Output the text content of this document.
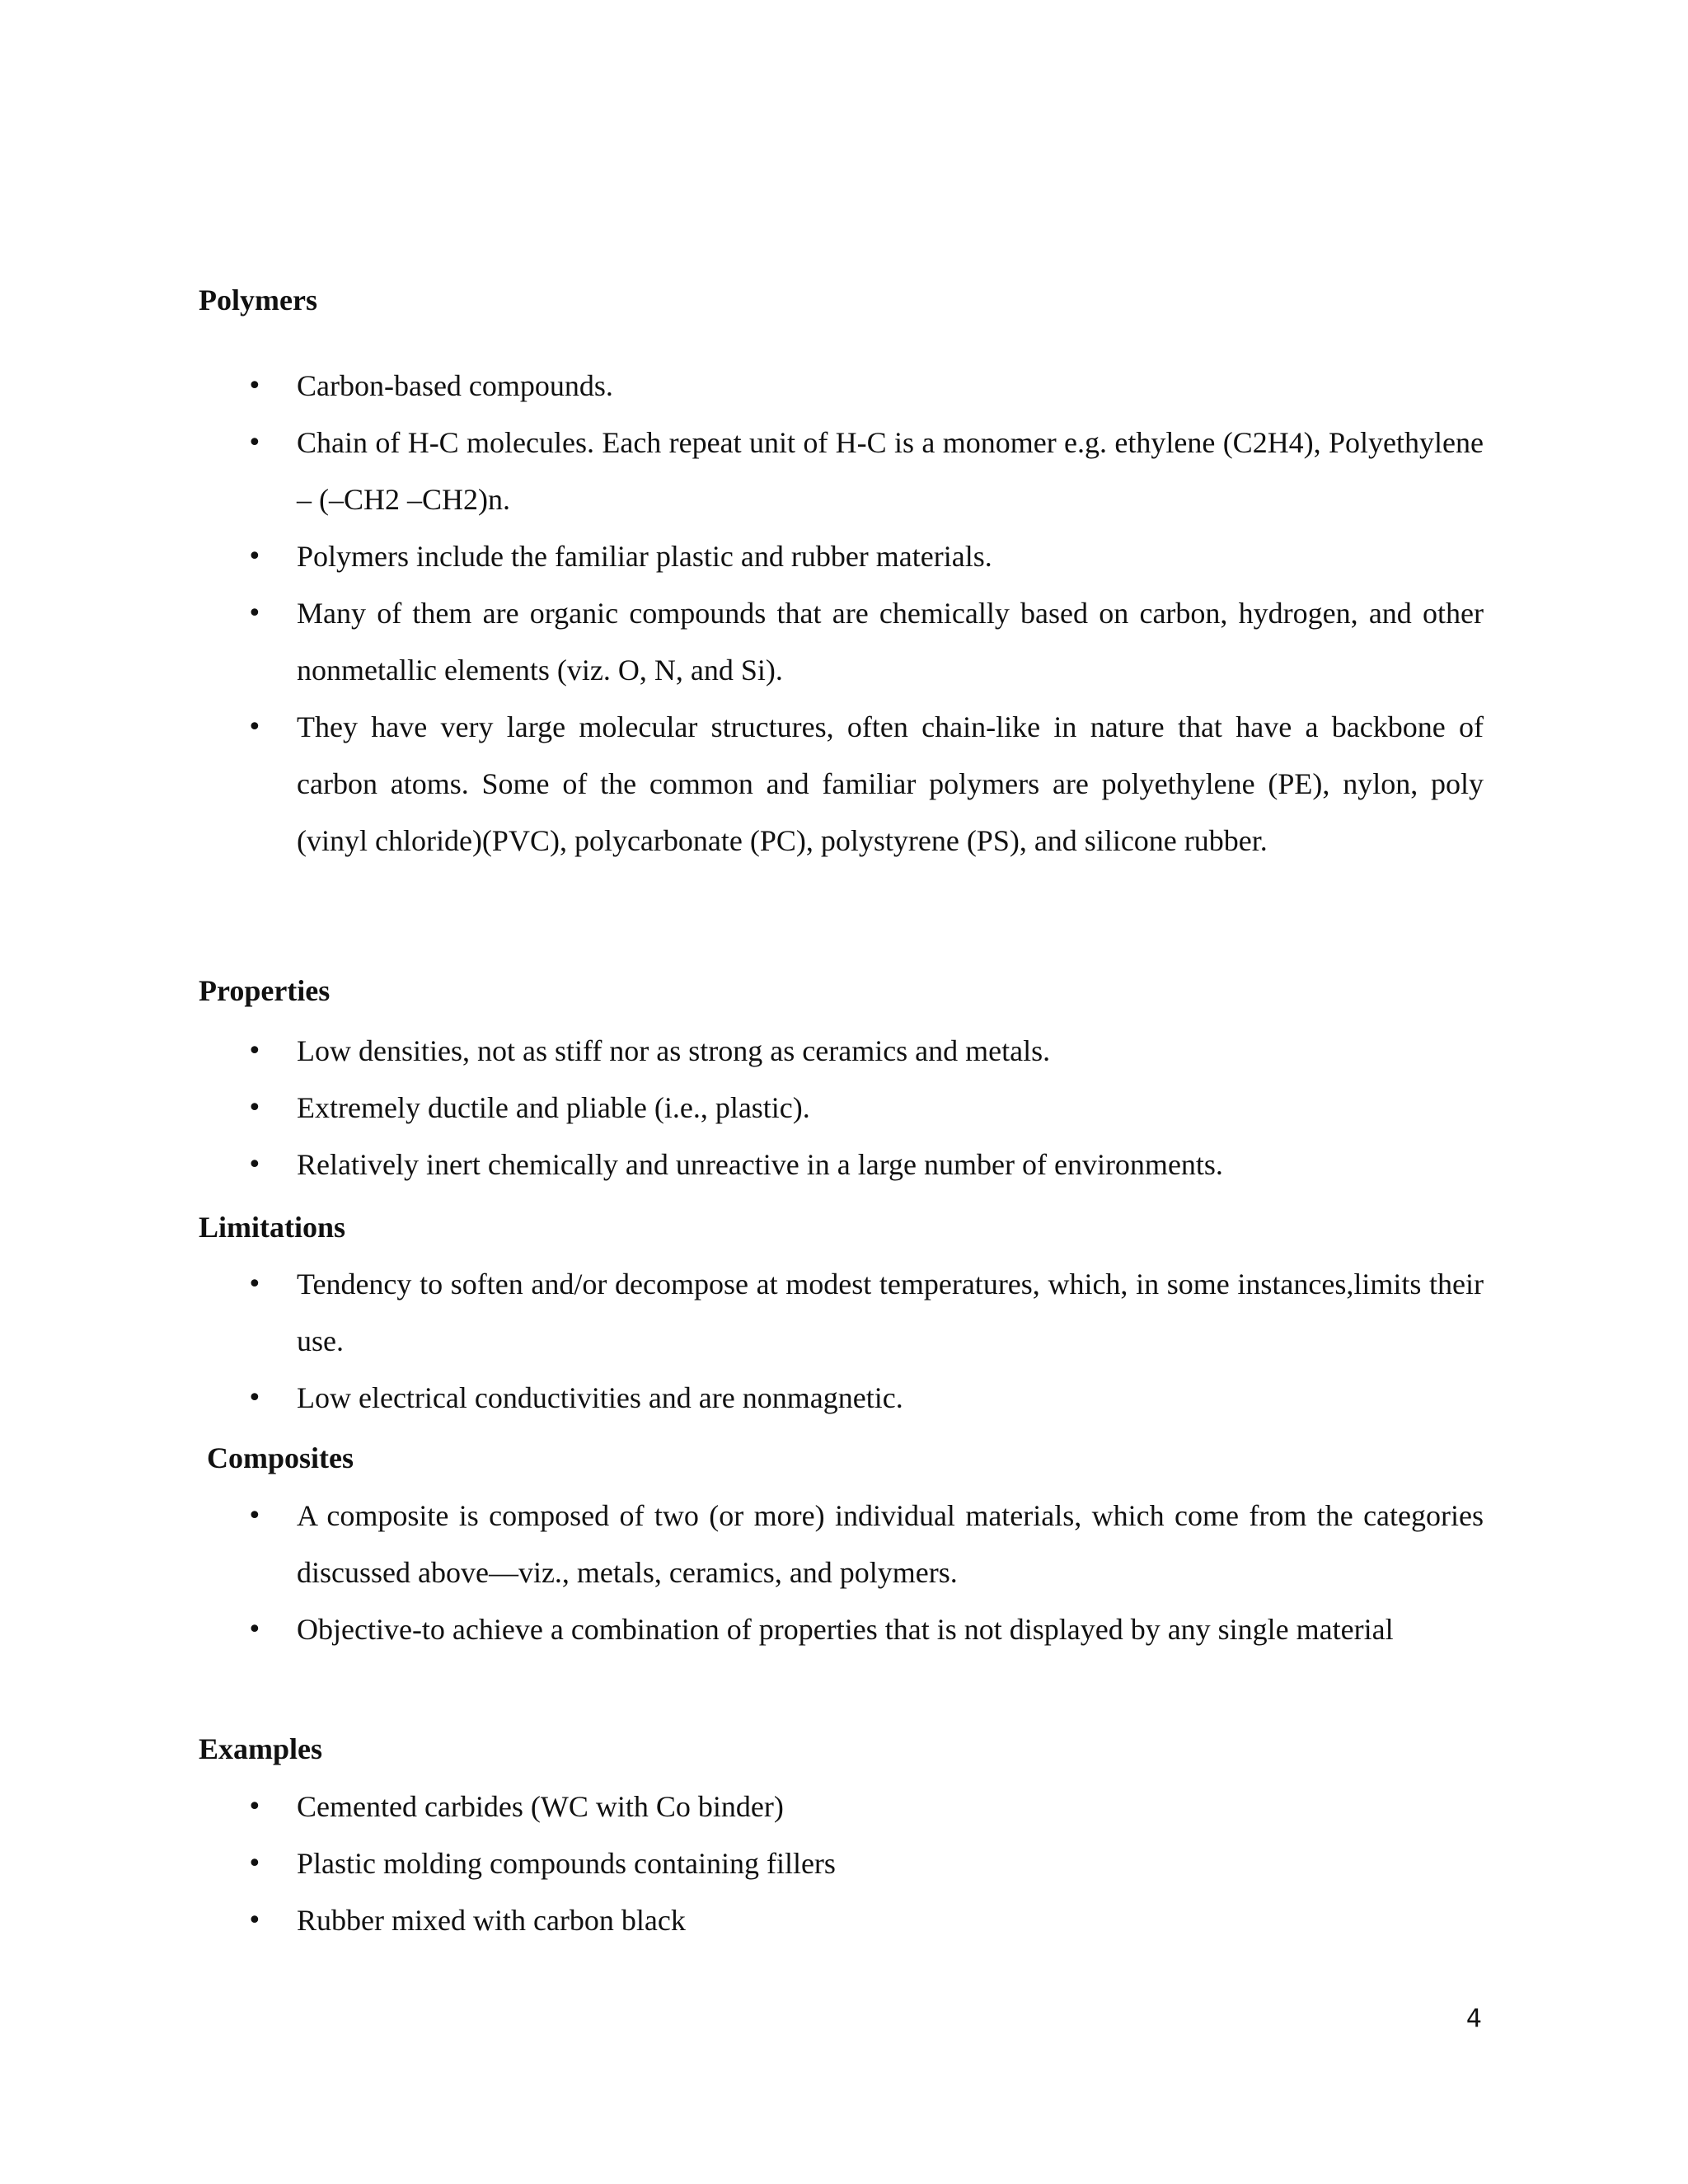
Polymers
•	Carbon-based compounds.
•	Chain of H-C molecules. Each repeat unit of H-C is a monomer e.g. ethylene (C2H4), Polyethylene – (–CH2 –CH2)n.
•	Polymers include the familiar plastic and rubber materials.
•	Many of them are organic compounds that are chemically based on carbon, hydrogen, and other nonmetallic elements (viz. O, N, and Si).
•	They have very large molecular structures, often chain-like in nature that have a backbone of carbon atoms. Some of the common and familiar polymers are polyethylene (PE), nylon, poly (vinyl chloride)(PVC), polycarbonate (PC), polystyrene (PS), and silicone rubber.
Properties
•	Low densities, not as stiff nor as strong as ceramics and metals.
•	Extremely ductile and pliable (i.e., plastic).
•	Relatively inert chemically and unreactive in a large number of environments.
Limitations
•	Tendency to soften and/or decompose at modest temperatures, which, in some instances,limits their use.
•	Low electrical conductivities and are nonmagnetic.
Composites
•	A composite is composed of two (or more) individual materials, which come from the categories discussed above—viz., metals, ceramics, and polymers.
•	Objective-to achieve a combination of properties that is not displayed by any single material
Examples
•	Cemented carbides (WC with Co binder)
•	Plastic molding compounds containing fillers
•	Rubber mixed with carbon black
4
